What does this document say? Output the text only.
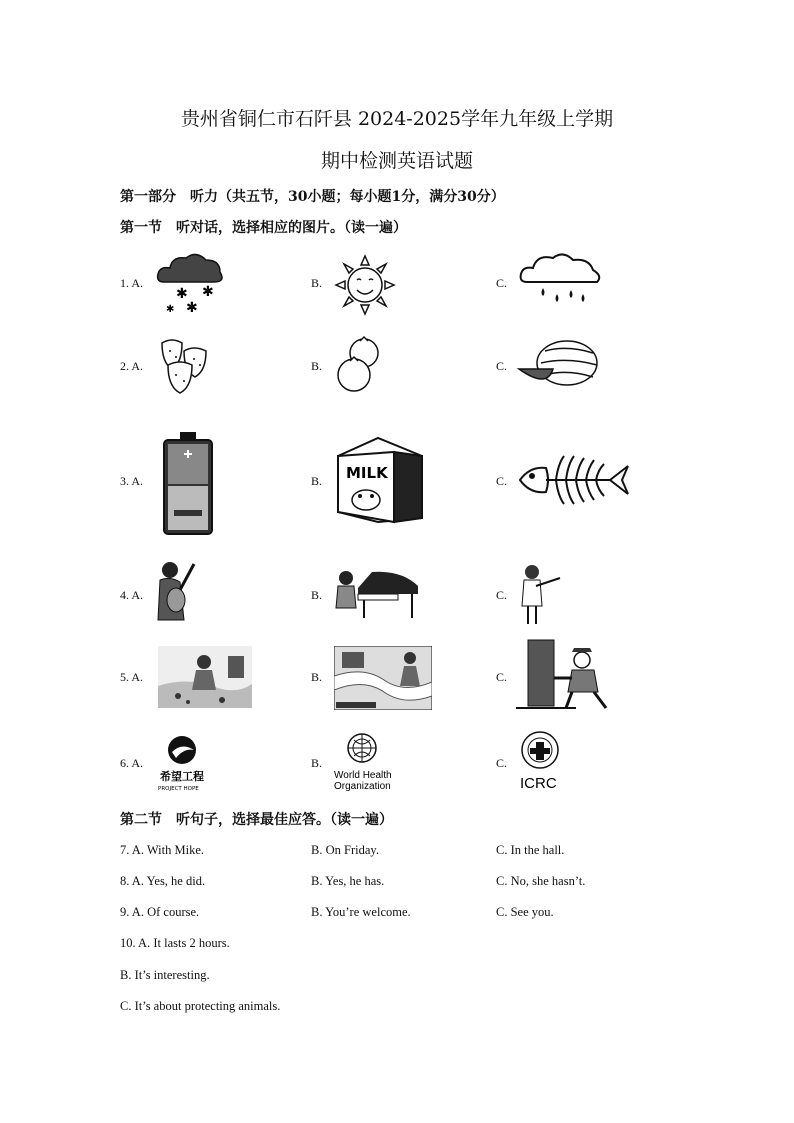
贵州省铜仁市石阡县 2024-2025学年九年级上学期
期中检测英语试题
第一部分　听力（共五节，30小题；每小题1分，满分30分）
第一节　听对话，选择相应的图片。（读一遍）
1. A.
✱ ✱
✱ ✱
B.	C.
2. A.	B.	C.
3. A.	B. MILK	C.
4. A.	B.	C.
5. A.	B.	C.
6. A.
希望工程
PROJECT HOPE
B.
World Health
Organization
C.
ICRC
第二节　听句子，选择最佳应答。（读一遍）
7. A. With Mike.	B. On Friday.	C. In the hall.
8. A. Yes, he did.	B. Yes, he has.	C. No, she hasn’t.
9. A. Of course.	B. You’re welcome.	C. See you.
10. A. It lasts 2 hours.
B. It’s interesting.
C. It’s about protecting animals.
